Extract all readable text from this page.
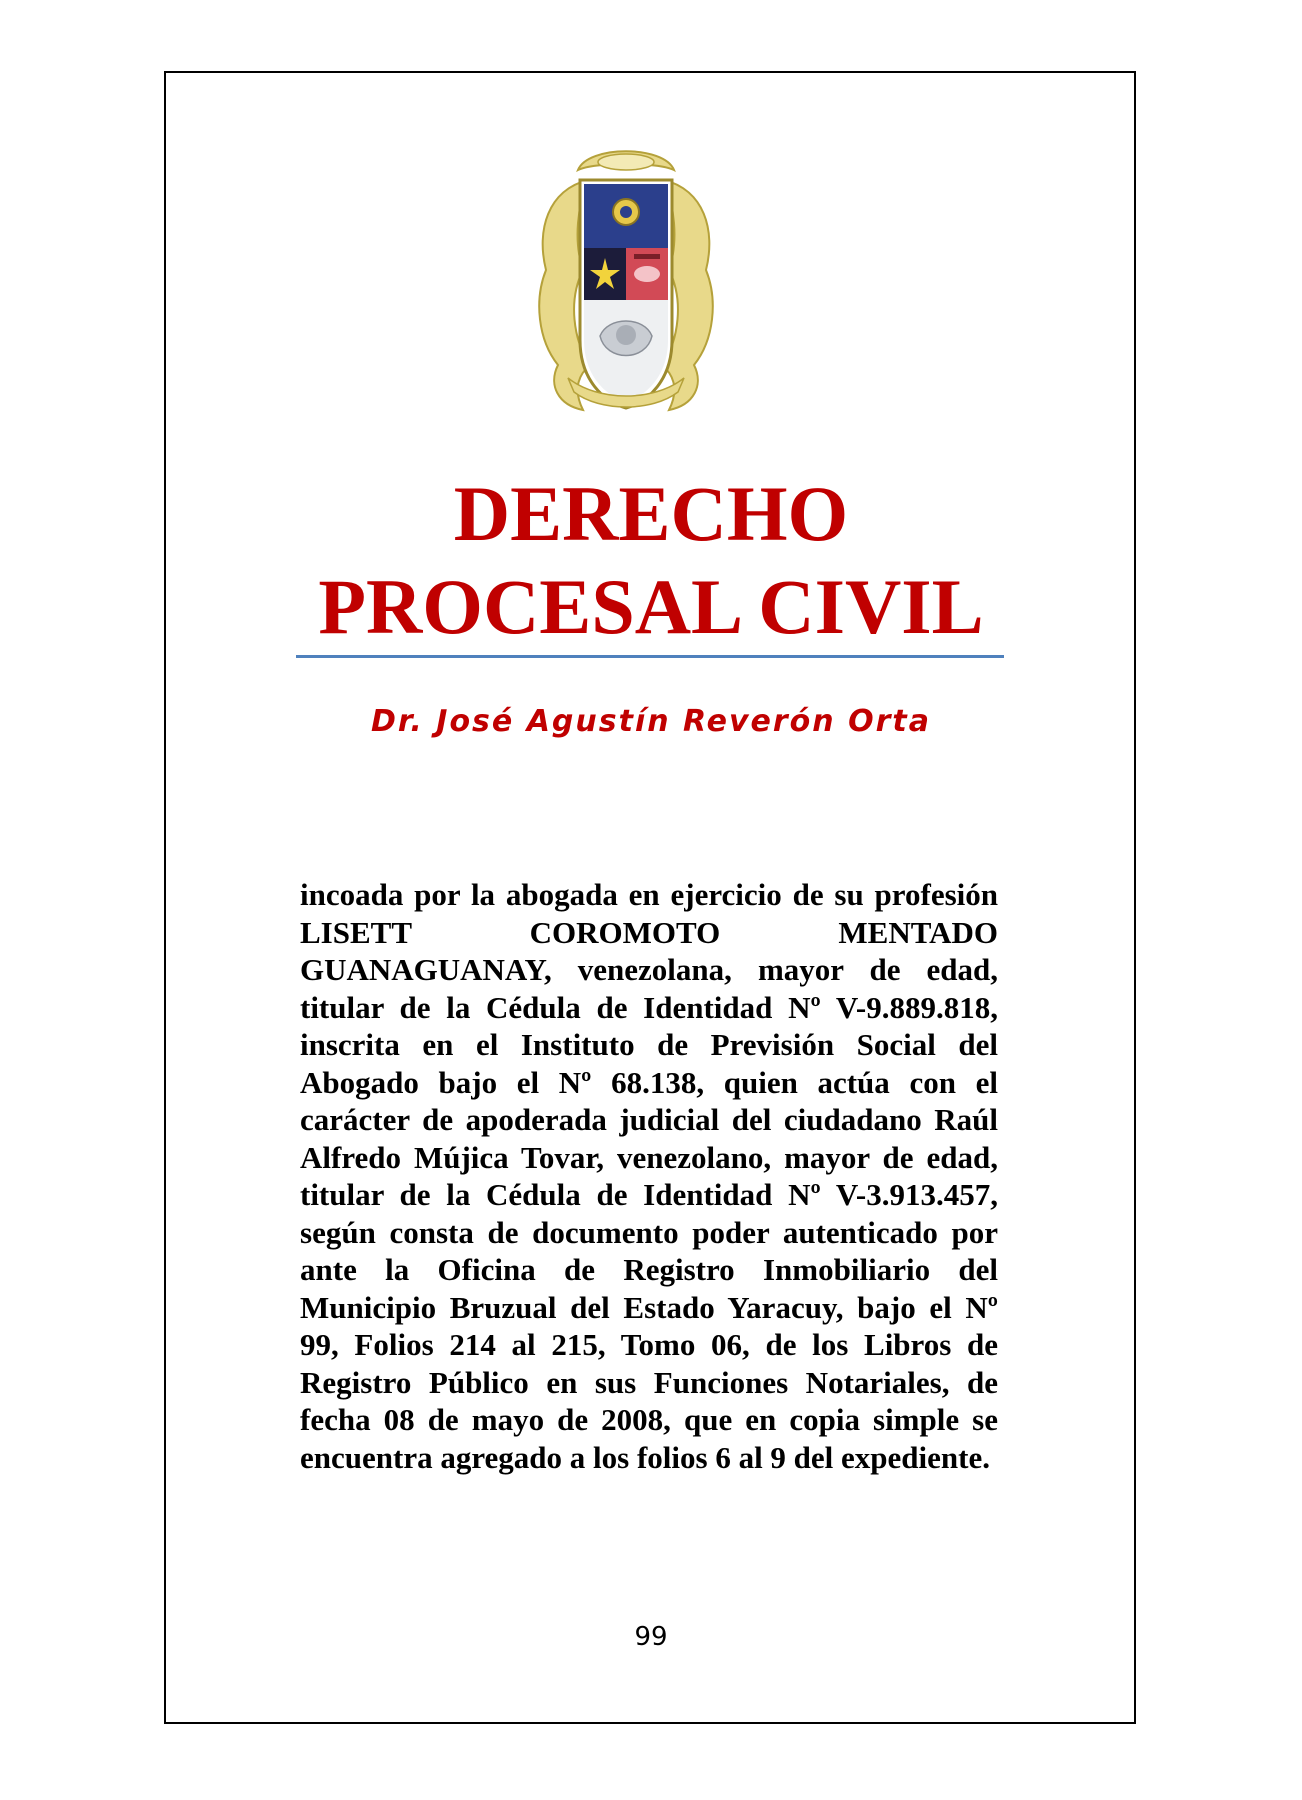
DERECHO
PROCESAL CIVIL
Dr. José Agustín Reverón Orta

incoada por la abogada en ejercicio de su profesión LISETT COROMOTO MENTADO GUANAGUANAY, venezolana, mayor de edad, titular de la Cédula de Identidad Nº V-9.889.818, inscrita en el Instituto de Previsión Social del Abogado bajo el Nº 68.138, quien actúa con el carácter de apoderada judicial del ciudadano Raúl Alfredo Mújica Tovar, venezolano, mayor de edad, titular de la Cédula de Identidad Nº V-3.913.457, según consta de documento poder autenticado por ante la Oficina de Registro Inmobiliario del Municipio Bruzual del Estado Yaracuy, bajo el Nº 99, Folios 214 al 215, Tomo 06, de los Libros de Registro Público en sus Funciones Notariales, de fecha 08 de mayo de 2008, que en copia simple se encuentra agregado a los folios 6 al 9 del expediente.

99
